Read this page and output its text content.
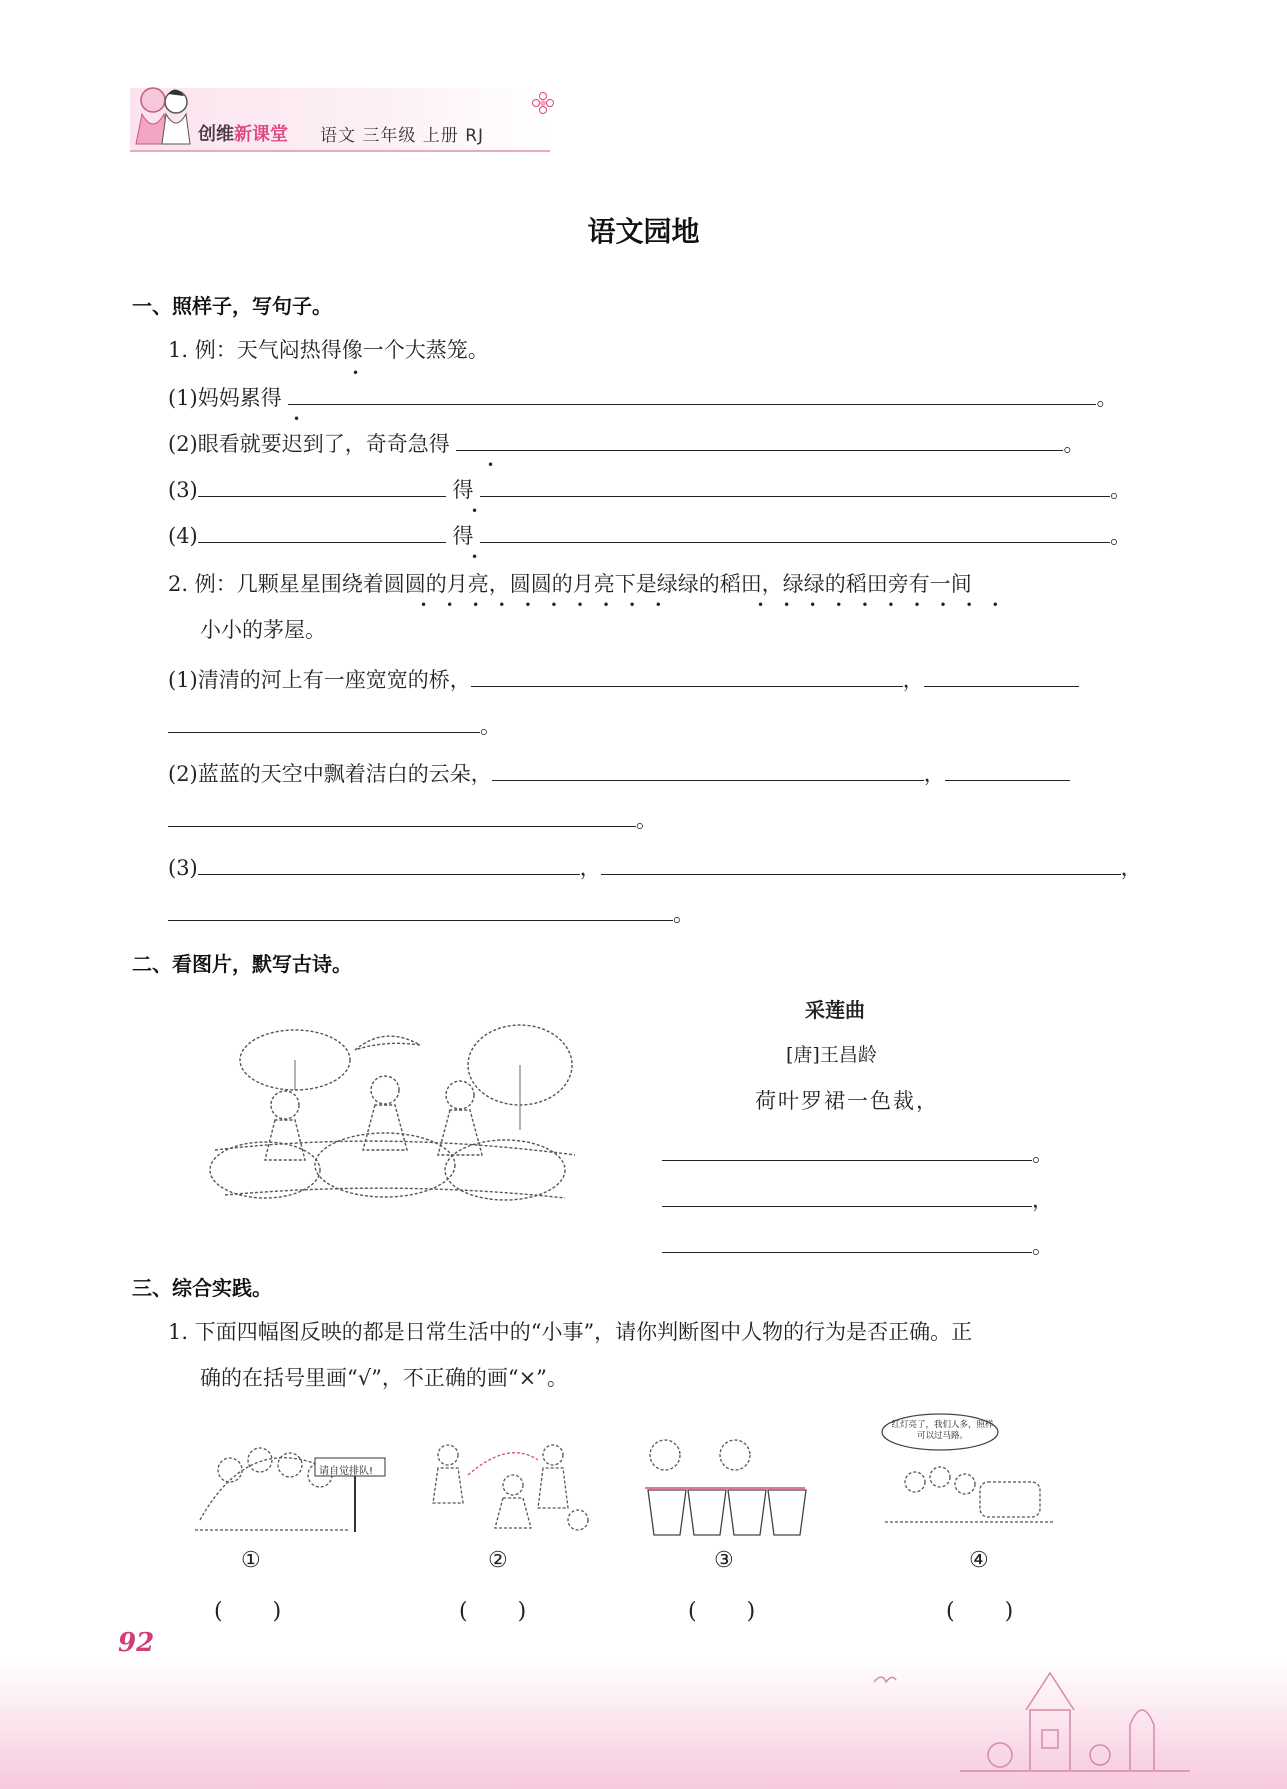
创维新课堂 语文 三年级 上册 RJ
语文园地
一、照样子，写句子。
1. 例：天气闷热得像一个大蒸笼。
•
(1)妈妈累得	。
•
(2)眼看就要迟到了，奇奇急得	。
•
(3)	得	。
•
(4)	得	。
•
2. 例：几颗星星围绕着圆圆的月亮，圆圆的月亮下是绿绿的稻田，绿绿的稻田旁有一间
••••••••••	••••••••••
小小的茅屋。
(1)清清的河上有一座宽宽的桥，	，
。
(2)蓝蓝的天空中飘着洁白的云朵，	，
。
(3)	，	，
。
二、看图片，默写古诗。
采莲曲
[唐]王昌龄
荷叶罗裙一色裁，
。
，
。
三、综合实践。
1. 下面四幅图反映的都是日常生活中的“小事”，请你判断图中人物的行为是否正确。正
确的在括号里画“√”，不正确的画“×”。
请自觉排队!
红灯亮了，我们人多，照样可以过马路。
①	②	③	④
(　　)	(　　)	(　　)	(　　)
92
